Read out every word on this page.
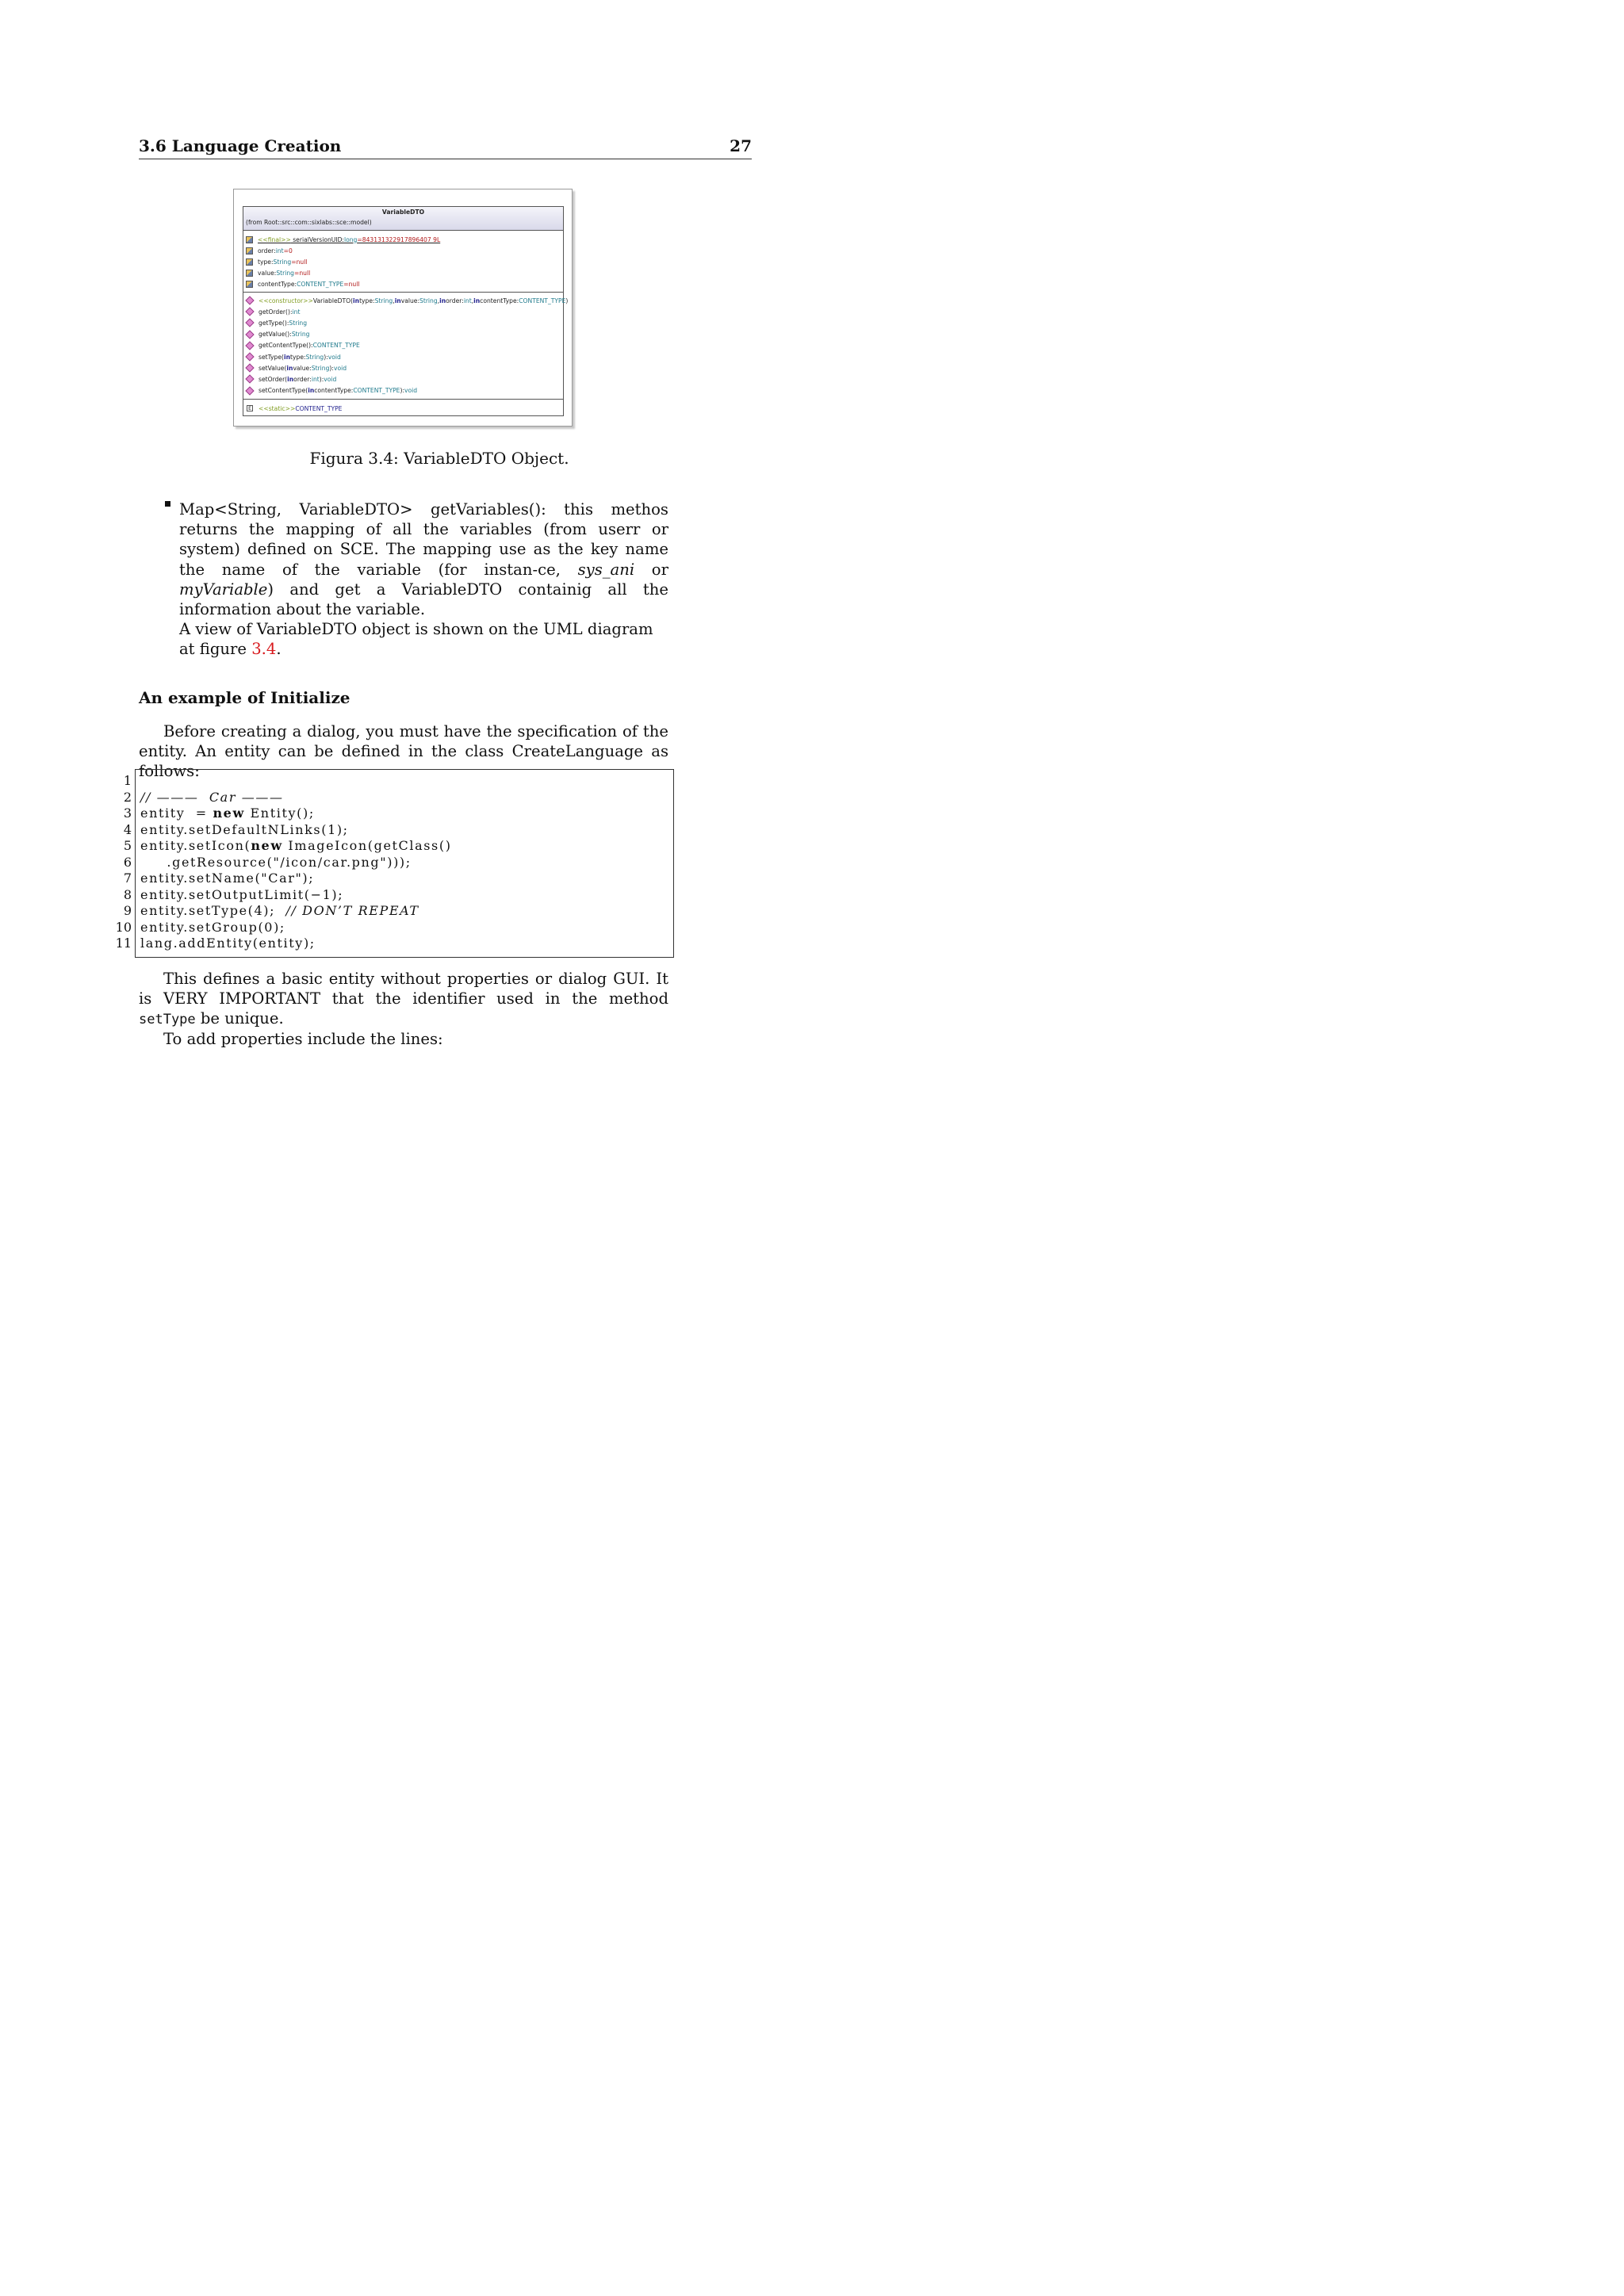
3.6 Language Creation	27
VariableDTO
(from Root::src::com::sixlabs::sce::model)
<<final>> serialVersionUID:long=843131322917896407 9L
order: int =0
type: String =null
value: String =null
contentType: CONTENT_TYPE =null
<<constructor>> VariableDTO( in type: String , in value: String , in order: int , in contentType: CONTENT_TYPE )
getOrder(): int
getType(): String
getValue(): String
getContentType(): CONTENT_TYPE
setType( in type: String ): void
setValue( in value: String ): void
setOrder( in order: int ): void
setContentType( in contentType: CONTENT_TYPE ): void
E <<static>> CONTENT_TYPE
Figura 3.4: VariableDTO Object.

Map<String, VariableDTO> getVariables(): this methos returns the mapping of all the variables (from userr or system) defined on SCE. The mapping use as the key name the name of the variable (for instan-ce, sys_ani or myVariable) and get a VariableDTO containig all the information about the variable.

A view of VariableDTO object is shown on the UML diagram at figure 3.4.

An example of Initialize

Before creating a dialog, you must have the specification of the entity. An entity can be defined in the class CreateLanguage as follows:

1
2 // ———  Car ———
3 entity  = new Entity();
4 entity.setDefaultNLinks(1);
5 entity.setIcon(new ImageIcon(getClass()
6 .getResource("/icon/car.png")));
7 entity.setName("Car");
8 entity.setOutputLimit(−1);
9 entity.setType(4);  // DON’T REPEAT
10 entity.setGroup(0);
11 lang.addEntity(entity);

This defines a basic entity without properties or dialog GUI. It is VERY IMPORTANT that the identifier used in the method setType be unique.

To add properties include the lines:
